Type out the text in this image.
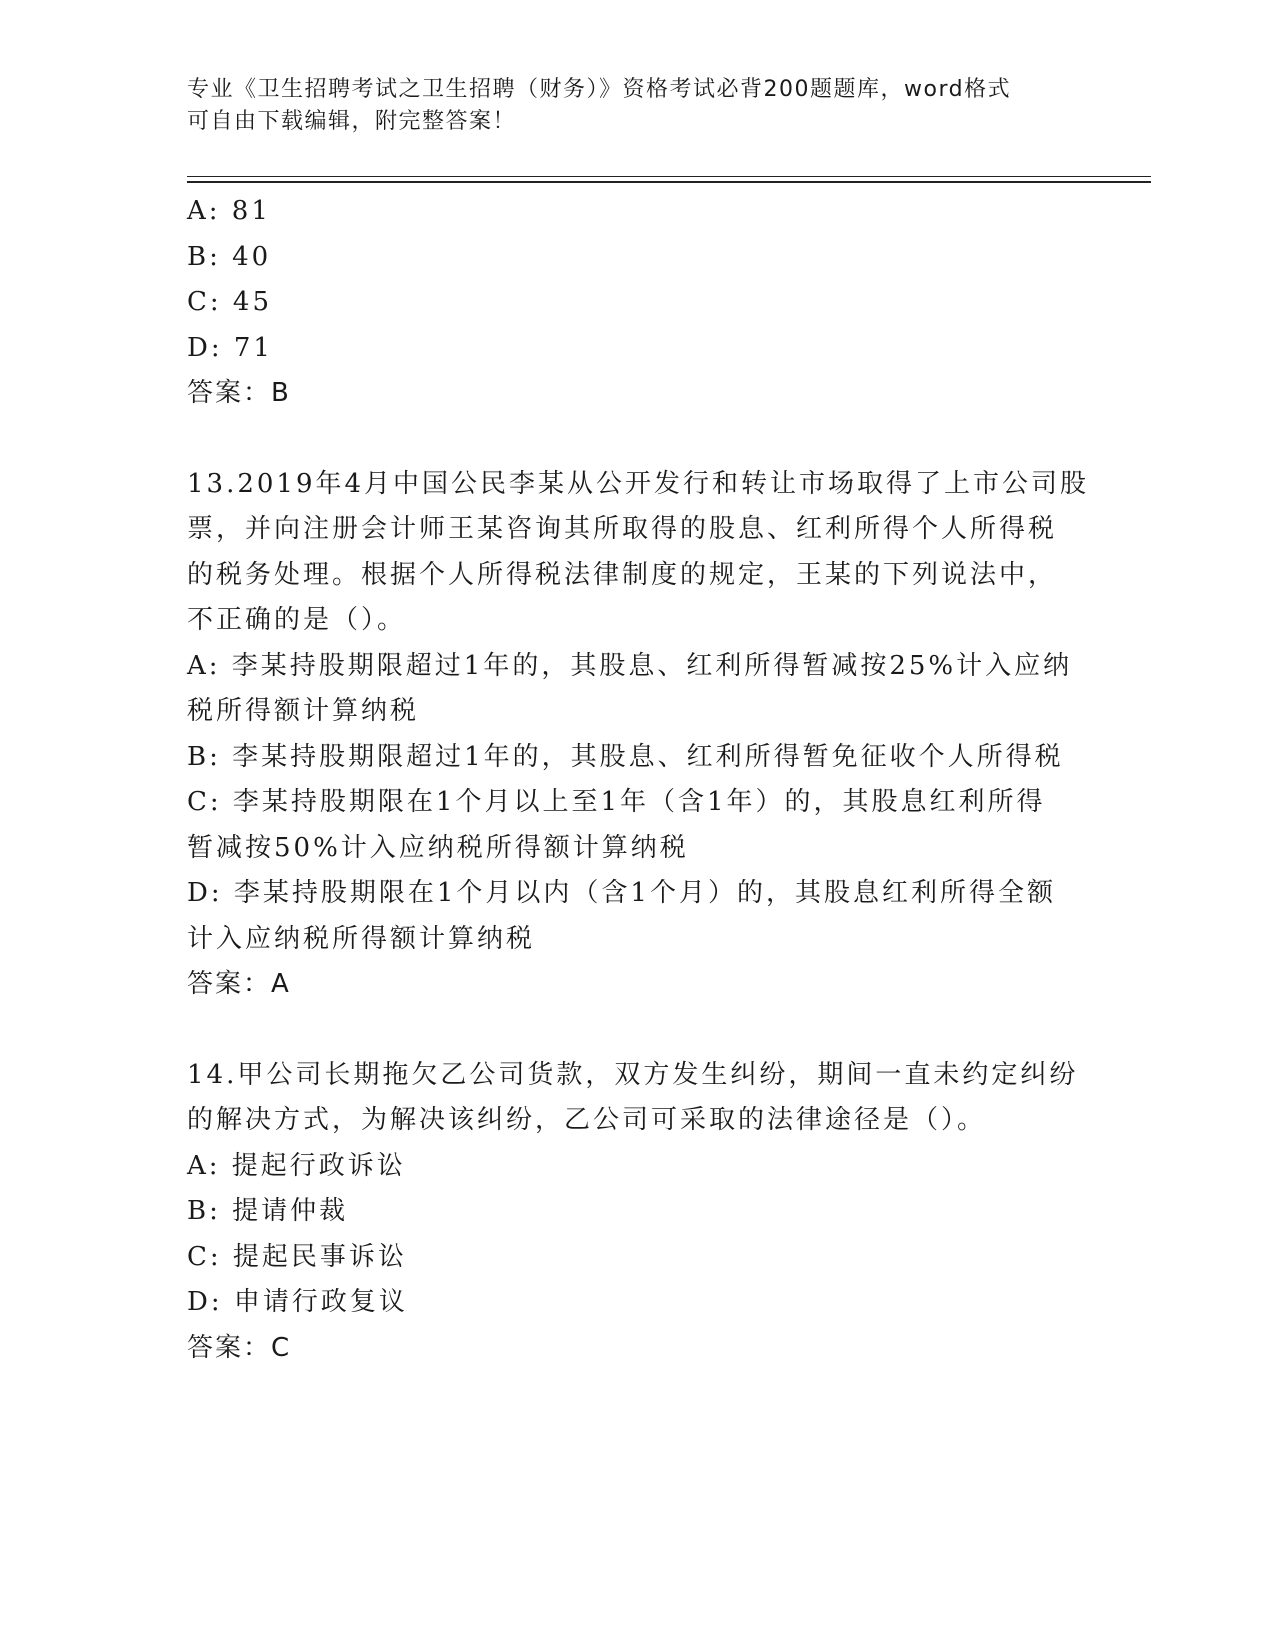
专业《卫生招聘考试之卫生招聘（财务）》资格考试必背200题题库，word格式
可自由下载编辑，附完整答案！

A: 81

B: 40

C: 45

D: 71

答案：B

13.2019年4月中国公民李某从公开发行和转让市场取得了上市公司股

票，并向注册会计师王某咨询其所取得的股息、红利所得个人所得税

的税务处理。根据个人所得税法律制度的规定，王某的下列说法中，

不正确的是（）。

A: 李某持股期限超过1年的，其股息、红利所得暂减按25%计入应纳

税所得额计算纳税

B: 李某持股期限超过1年的，其股息、红利所得暂免征收个人所得税

C: 李某持股期限在1个月以上至1年（含1年）的，其股息红利所得

暂减按50%计入应纳税所得额计算纳税

D: 李某持股期限在1个月以内（含1个月）的，其股息红利所得全额

计入应纳税所得额计算纳税

答案：A

14.甲公司长期拖欠乙公司货款，双方发生纠纷，期间一直未约定纠纷

的解决方式，为解决该纠纷，乙公司可采取的法律途径是（）。

A: 提起行政诉讼

B: 提请仲裁

C: 提起民事诉讼

D: 申请行政复议

答案：C
